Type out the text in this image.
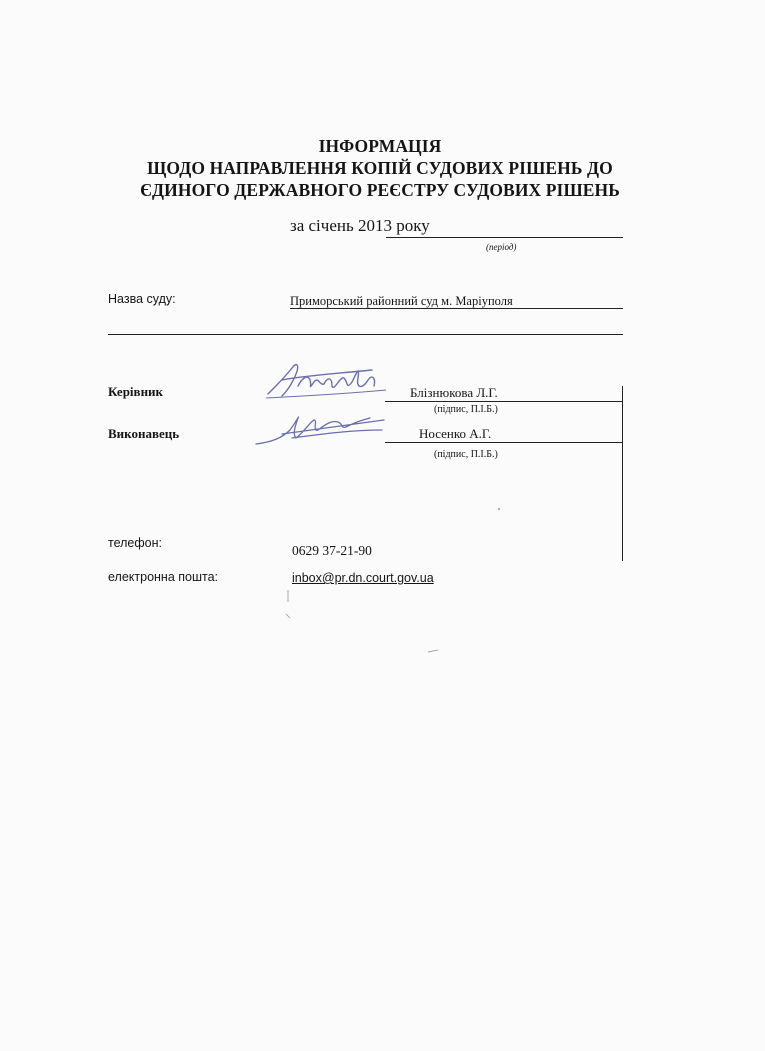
ІНФОРМАЦІЯ
ЩОДО НАПРАВЛЕННЯ КОПІЙ СУДОВИХ РІШЕНЬ ДО
ЄДИНОГО ДЕРЖАВНОГО РЕЄСТРУ СУДОВИХ РІШЕНЬ
за січень 2013 року
(період)
Назва суду:	Приморський районний суд м. Маріуполя
Керівник	Блізнюкова Л.Г.
(підпис, П.І.Б.)
Виконавець	Носенко А.Г.
(підпис, П.І.Б.)
телефон:	0629 37-21-90
електронна пошта:	inbox@pr.dn.court.gov.ua
